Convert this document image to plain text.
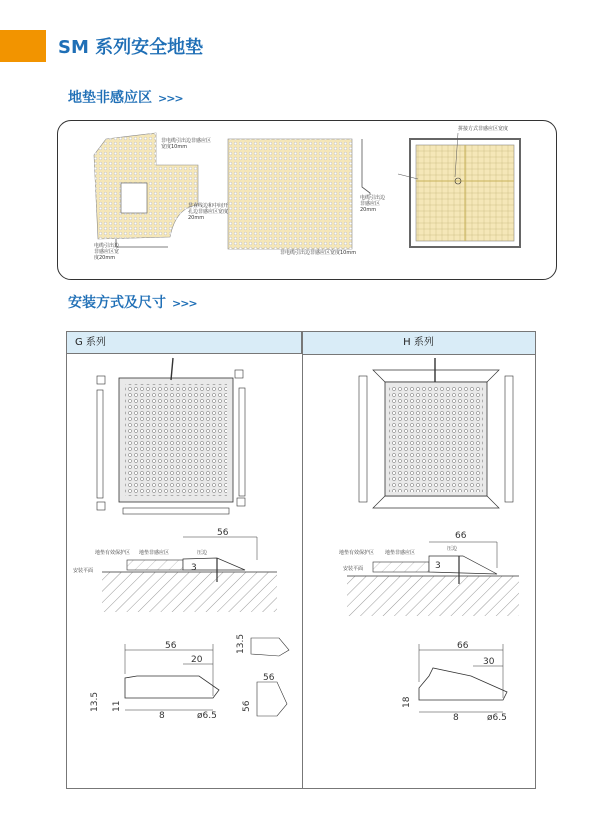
SM 系列安全地垫
地垫非感应区 >>>
非电缆引出边非感应区
宽度10mm
非直线边和中间开
孔边非感应区宽度
20mm
电缆引出边
非感应区宽
度20mm
电缆引出边
非感应区
20mm
非电缆引出边非感应区宽度10mm
拼接方式非感应区宽度
安装方式及尺寸 >>>
G 系列	H 系列
56
3
地垫有效保护区 地垫非感应区	压边
安装平面
56
20
13.5 11
8	ø6.5
13.5
56
56
66
3
地垫有效保护区 地垫非感应区
压边
安装平面
66
30
18
8	ø6.5
